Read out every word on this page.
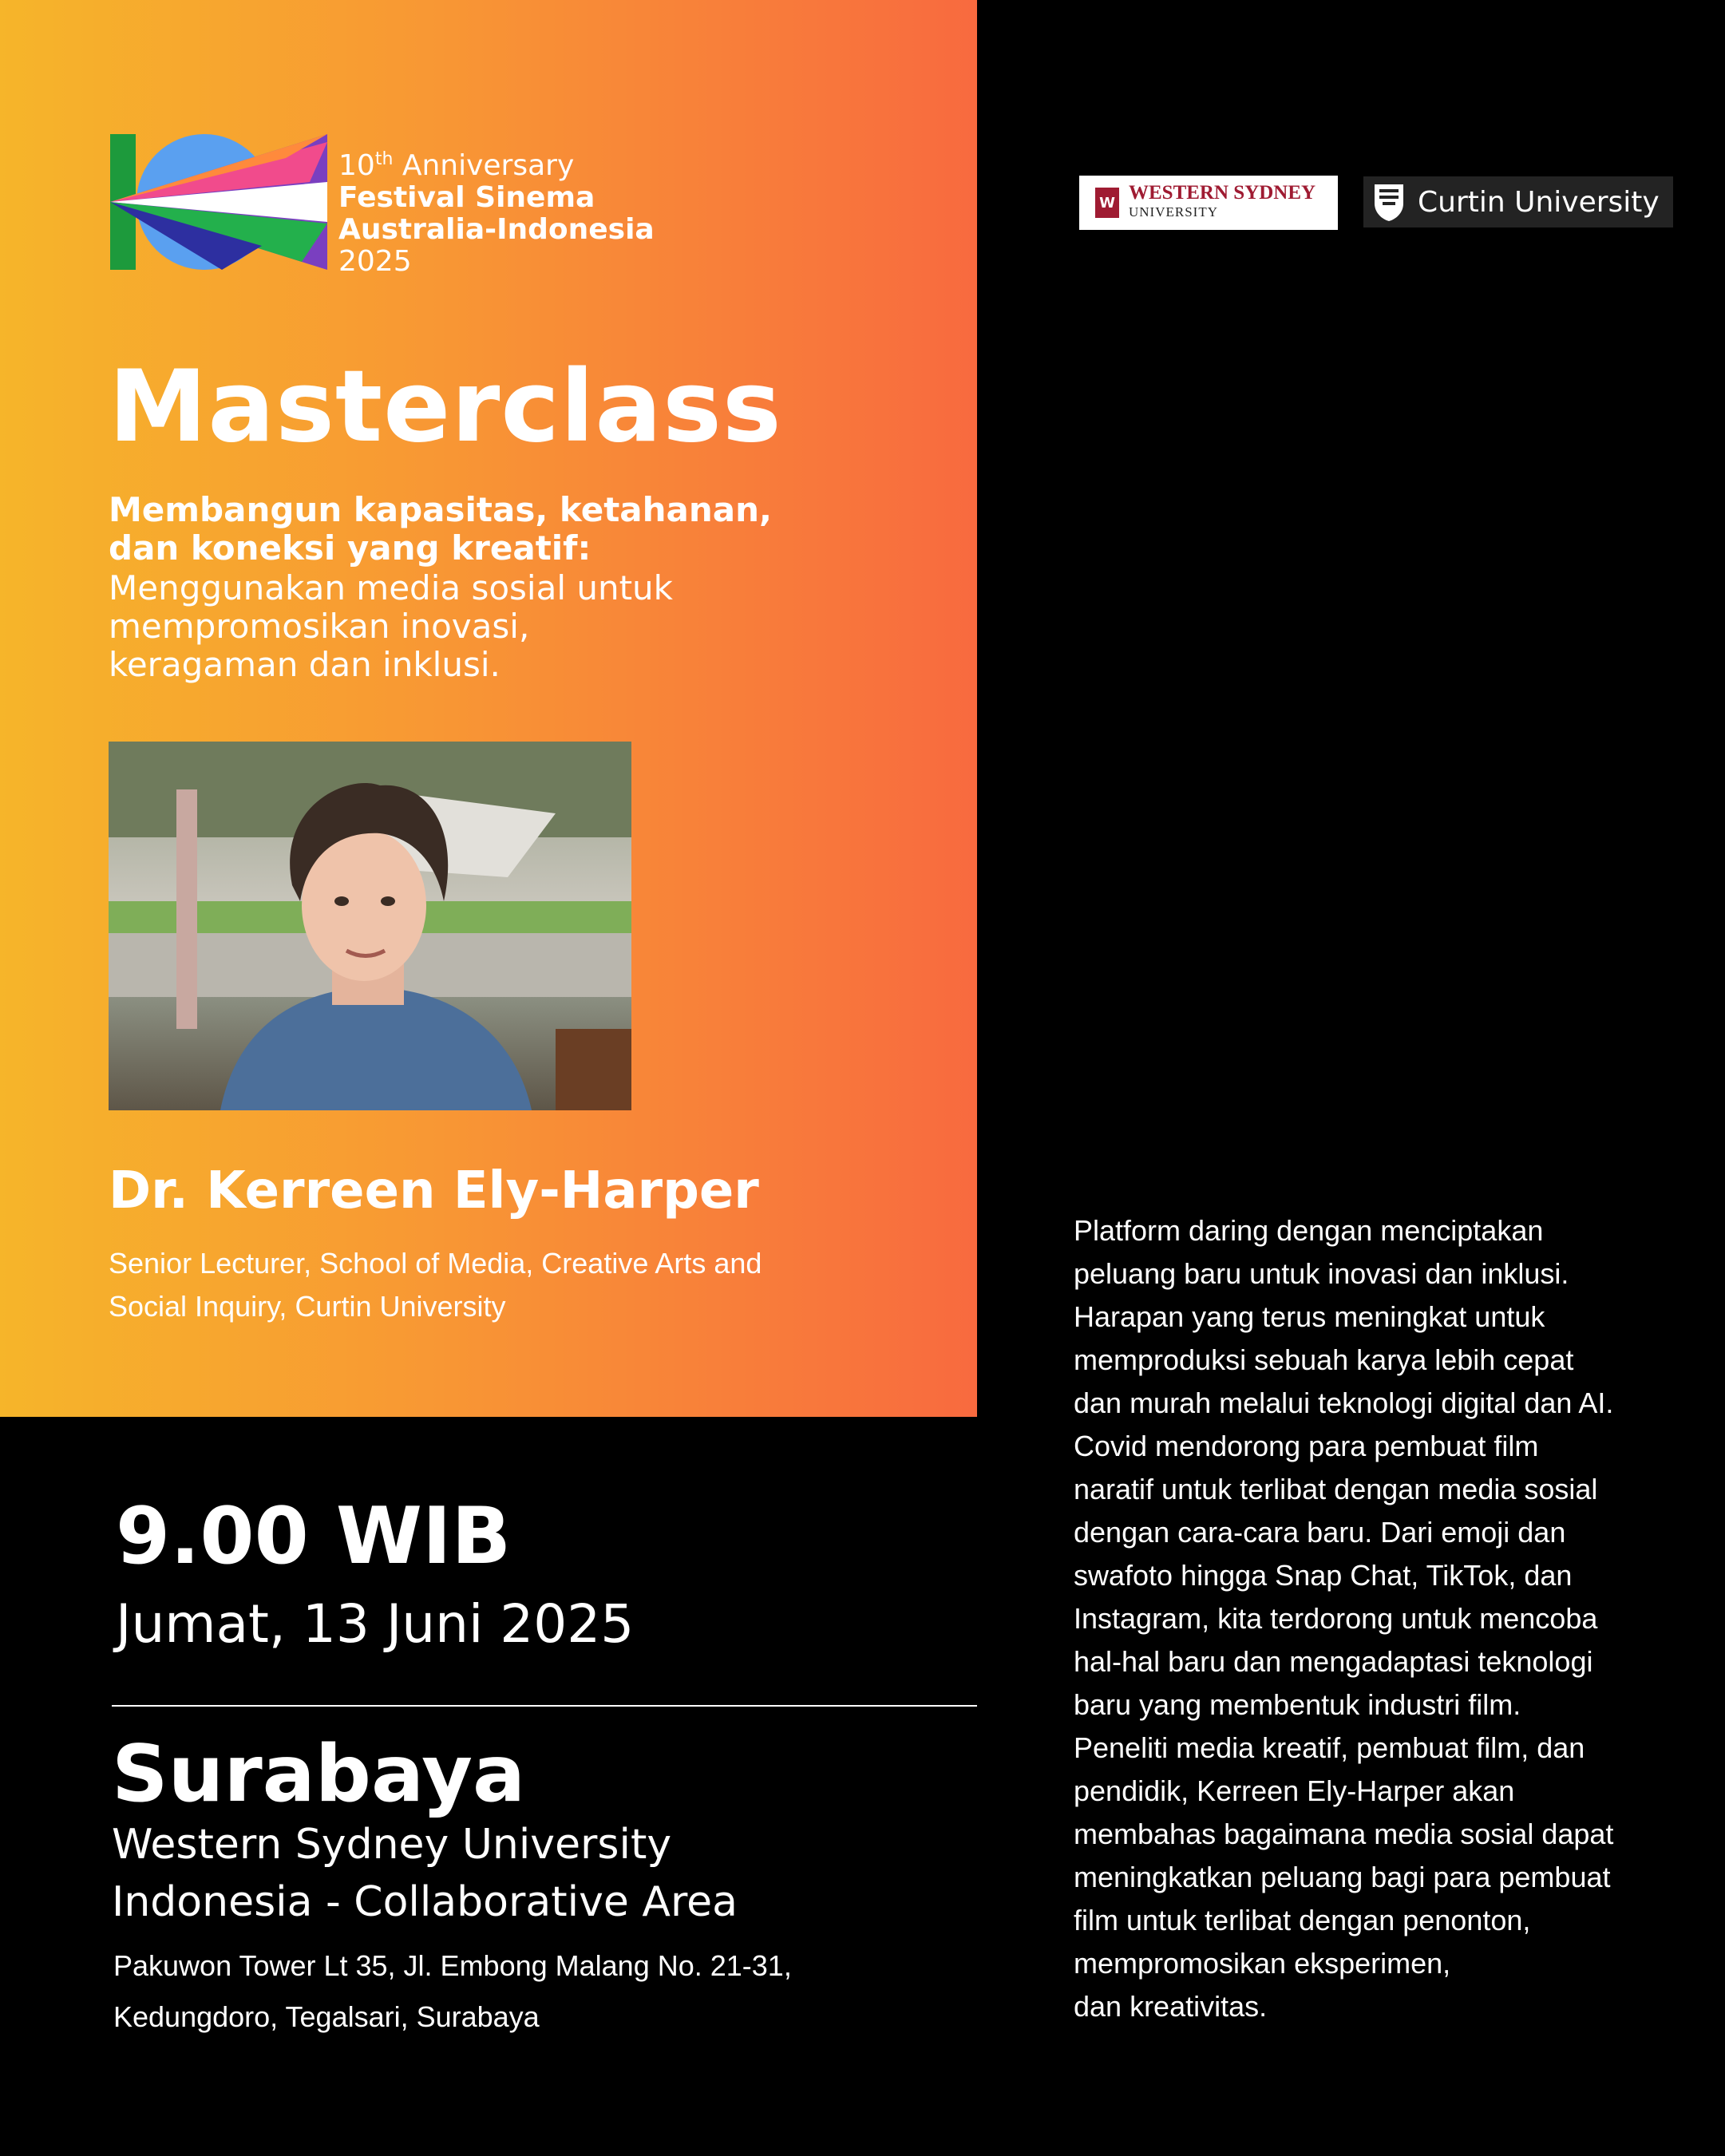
10th Anniversary
Festival Sinema
Australia-Indonesia
2025
W WESTERN SYDNEY
UNIVERSITY	Curtin University
Masterclass
Membangun kapasitas, ketahanan,
dan koneksi yang kreatif:
Menggunakan media sosial untuk
mempromosikan inovasi,
keragaman dan inklusi.
Dr. Kerreen Ely-Harper
Senior Lecturer, School of Media, Creative Arts and
Social Inquiry, Curtin University
9.00 WIB
Jumat, 13 Juni 2025
Surabaya
Western Sydney University
Indonesia - Collaborative Area
Pakuwon Tower Lt 35, Jl. Embong Malang No. 21-31,
Kedungdoro, Tegalsari, Surabaya

Platform daring dengan menciptakan

peluang baru untuk inovasi dan inklusi.

Harapan yang terus meningkat untuk

memproduksi sebuah karya lebih cepat

dan murah melalui teknologi digital dan AI.

Covid mendorong para pembuat film

naratif untuk terlibat dengan media sosial

dengan cara-cara baru. Dari emoji dan

swafoto hingga Snap Chat, TikTok, dan

Instagram, kita terdorong untuk mencoba

hal-hal baru dan mengadaptasi teknologi

baru yang membentuk industri film.

Peneliti media kreatif, pembuat film, dan

pendidik, Kerreen Ely-Harper akan

membahas bagaimana media sosial dapat

meningkatkan peluang bagi para pembuat

film untuk terlibat dengan penonton,

mempromosikan eksperimen,

dan kreativitas.
